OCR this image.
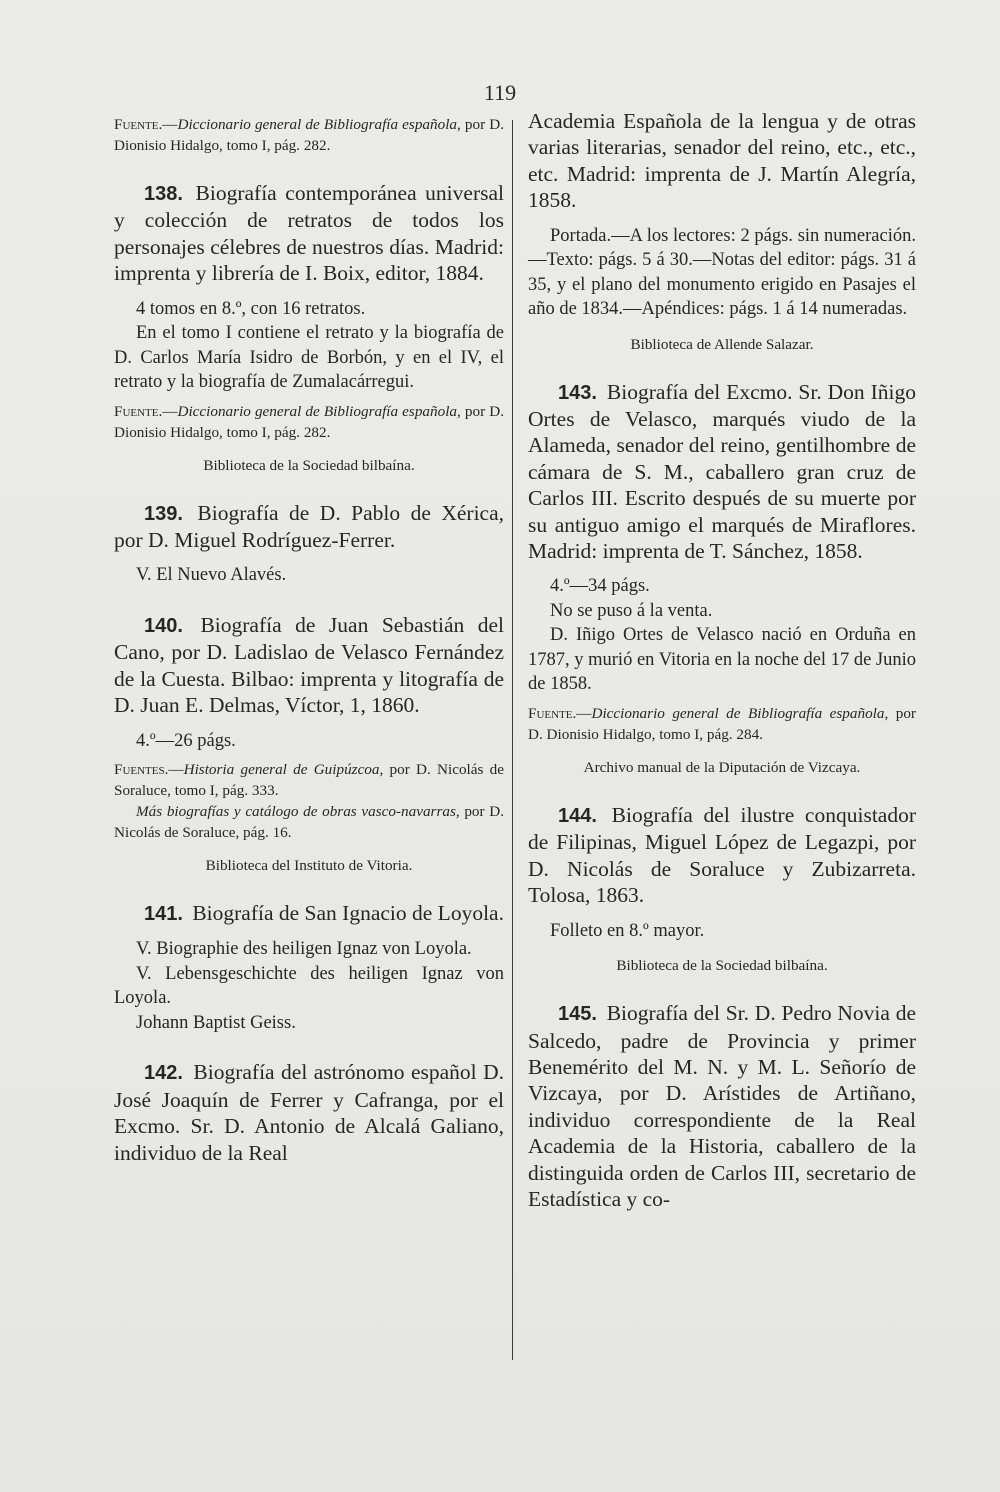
119

Fuente.—Diccionario general de Bibliografía española, por D. Dionisio Hidalgo, tomo I, pág. 282.

138. Biografía contemporánea universal y colección de retratos de todos los personajes célebres de nuestros días. Madrid: imprenta y librería de I. Boix, editor, 1884.

4 tomos en 8.º, con 16 retratos.

En el tomo I contiene el retrato y la biografía de D. Carlos María Isidro de Borbón, y en el IV, el retrato y la biografía de Zumalacárregui.

Fuente.—Diccionario general de Bibliografía española, por D. Dionisio Hidalgo, tomo I, pág. 282.

Biblioteca de la Sociedad bilbaína.

139. Biografía de D. Pablo de Xérica, por D. Miguel Rodríguez-Ferrer.

V. El Nuevo Alavés.

140. Biografía de Juan Sebastián del Cano, por D. Ladislao de Velasco Fernández de la Cuesta. Bilbao: imprenta y litografía de D. Juan E. Delmas, Víctor, 1, 1860.

4.º—26 págs.

Fuentes.—Historia general de Guipúzcoa, por D. Nicolás de Soraluce, tomo I, pág. 333.

Más biografías y catálogo de obras vasco-navarras, por D. Nicolás de Soraluce, pág. 16.

Biblioteca del Instituto de Vitoria.

141. Biografía de San Ignacio de Loyola.

V. Biographie des heiligen Ignaz von Loyola.

V. Lebensgeschichte des heiligen Ignaz von Loyola.

Johann Baptist Geiss.

142. Biografía del astrónomo español D. José Joaquín de Ferrer y Cafranga, por el Excmo. Sr. D. Antonio de Alcalá Galiano, individuo de la Real

Academia Española de la lengua y de otras varias literarias, senador del reino, etc., etc., etc. Madrid: imprenta de J. Martín Alegría, 1858.

Portada.—A los lectores: 2 págs. sin numeración.—Texto: págs. 5 á 30.—Notas del editor: págs. 31 á 35, y el plano del monumento erigido en Pasajes el año de 1834.—Apéndices: págs. 1 á 14 numeradas.

Biblioteca de Allende Salazar.

143. Biografía del Excmo. Sr. Don Iñigo Ortes de Velasco, marqués viudo de la Alameda, senador del reino, gentilhombre de cámara de S. M., caballero gran cruz de Carlos III. Escrito después de su muerte por su antiguo amigo el marqués de Miraflores. Madrid: imprenta de T. Sánchez, 1858.

4.º—34 págs.

No se puso á la venta.

D. Iñigo Ortes de Velasco nació en Orduña en 1787, y murió en Vitoria en la noche del 17 de Junio de 1858.

Fuente.—Diccionario general de Bibliografía española, por D. Dionisio Hidalgo, tomo I, pág. 284.

Archivo manual de la Diputación de Vizcaya.

144. Biografía del ilustre conquistador de Filipinas, Miguel López de Legazpi, por D. Nicolás de Soraluce y Zubizarreta. Tolosa, 1863.

Folleto en 8.º mayor.

Biblioteca de la Sociedad bilbaína.

145. Biografía del Sr. D. Pedro Novia de Salcedo, padre de Provincia y primer Benemérito del M. N. y M. L. Señorío de Vizcaya, por D. Arístides de Artiñano, individuo correspondiente de la Real Academia de la Historia, caballero de la distinguida orden de Carlos III, secretario de Estadística y co-
